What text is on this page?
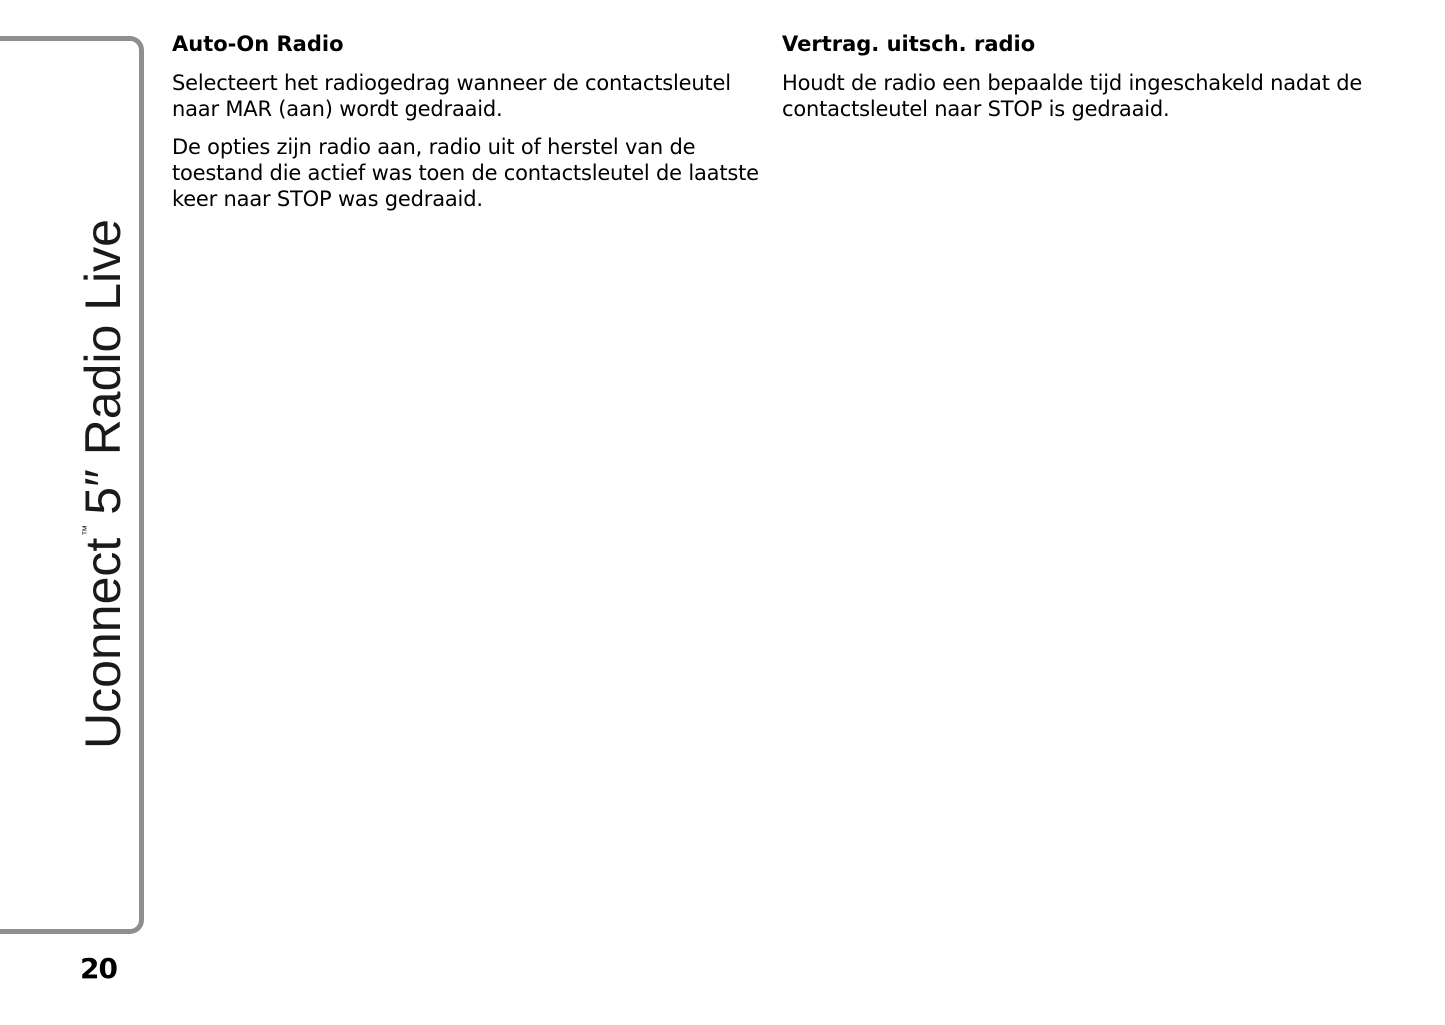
Uconnect™5″ Radio Live
20
Auto-On Radio
Selecteert het radiogedrag wanneer de contactsleutel naar MAR (aan) wordt gedraaid.
De opties zijn radio aan, radio uit of herstel van de toestand die actief was toen de contactsleutel de laatste keer naar STOP was gedraaid.
Vertrag. uitsch. radio
Houdt de radio een bepaalde tijd ingeschakeld nadat de contactsleutel naar STOP is gedraaid.
